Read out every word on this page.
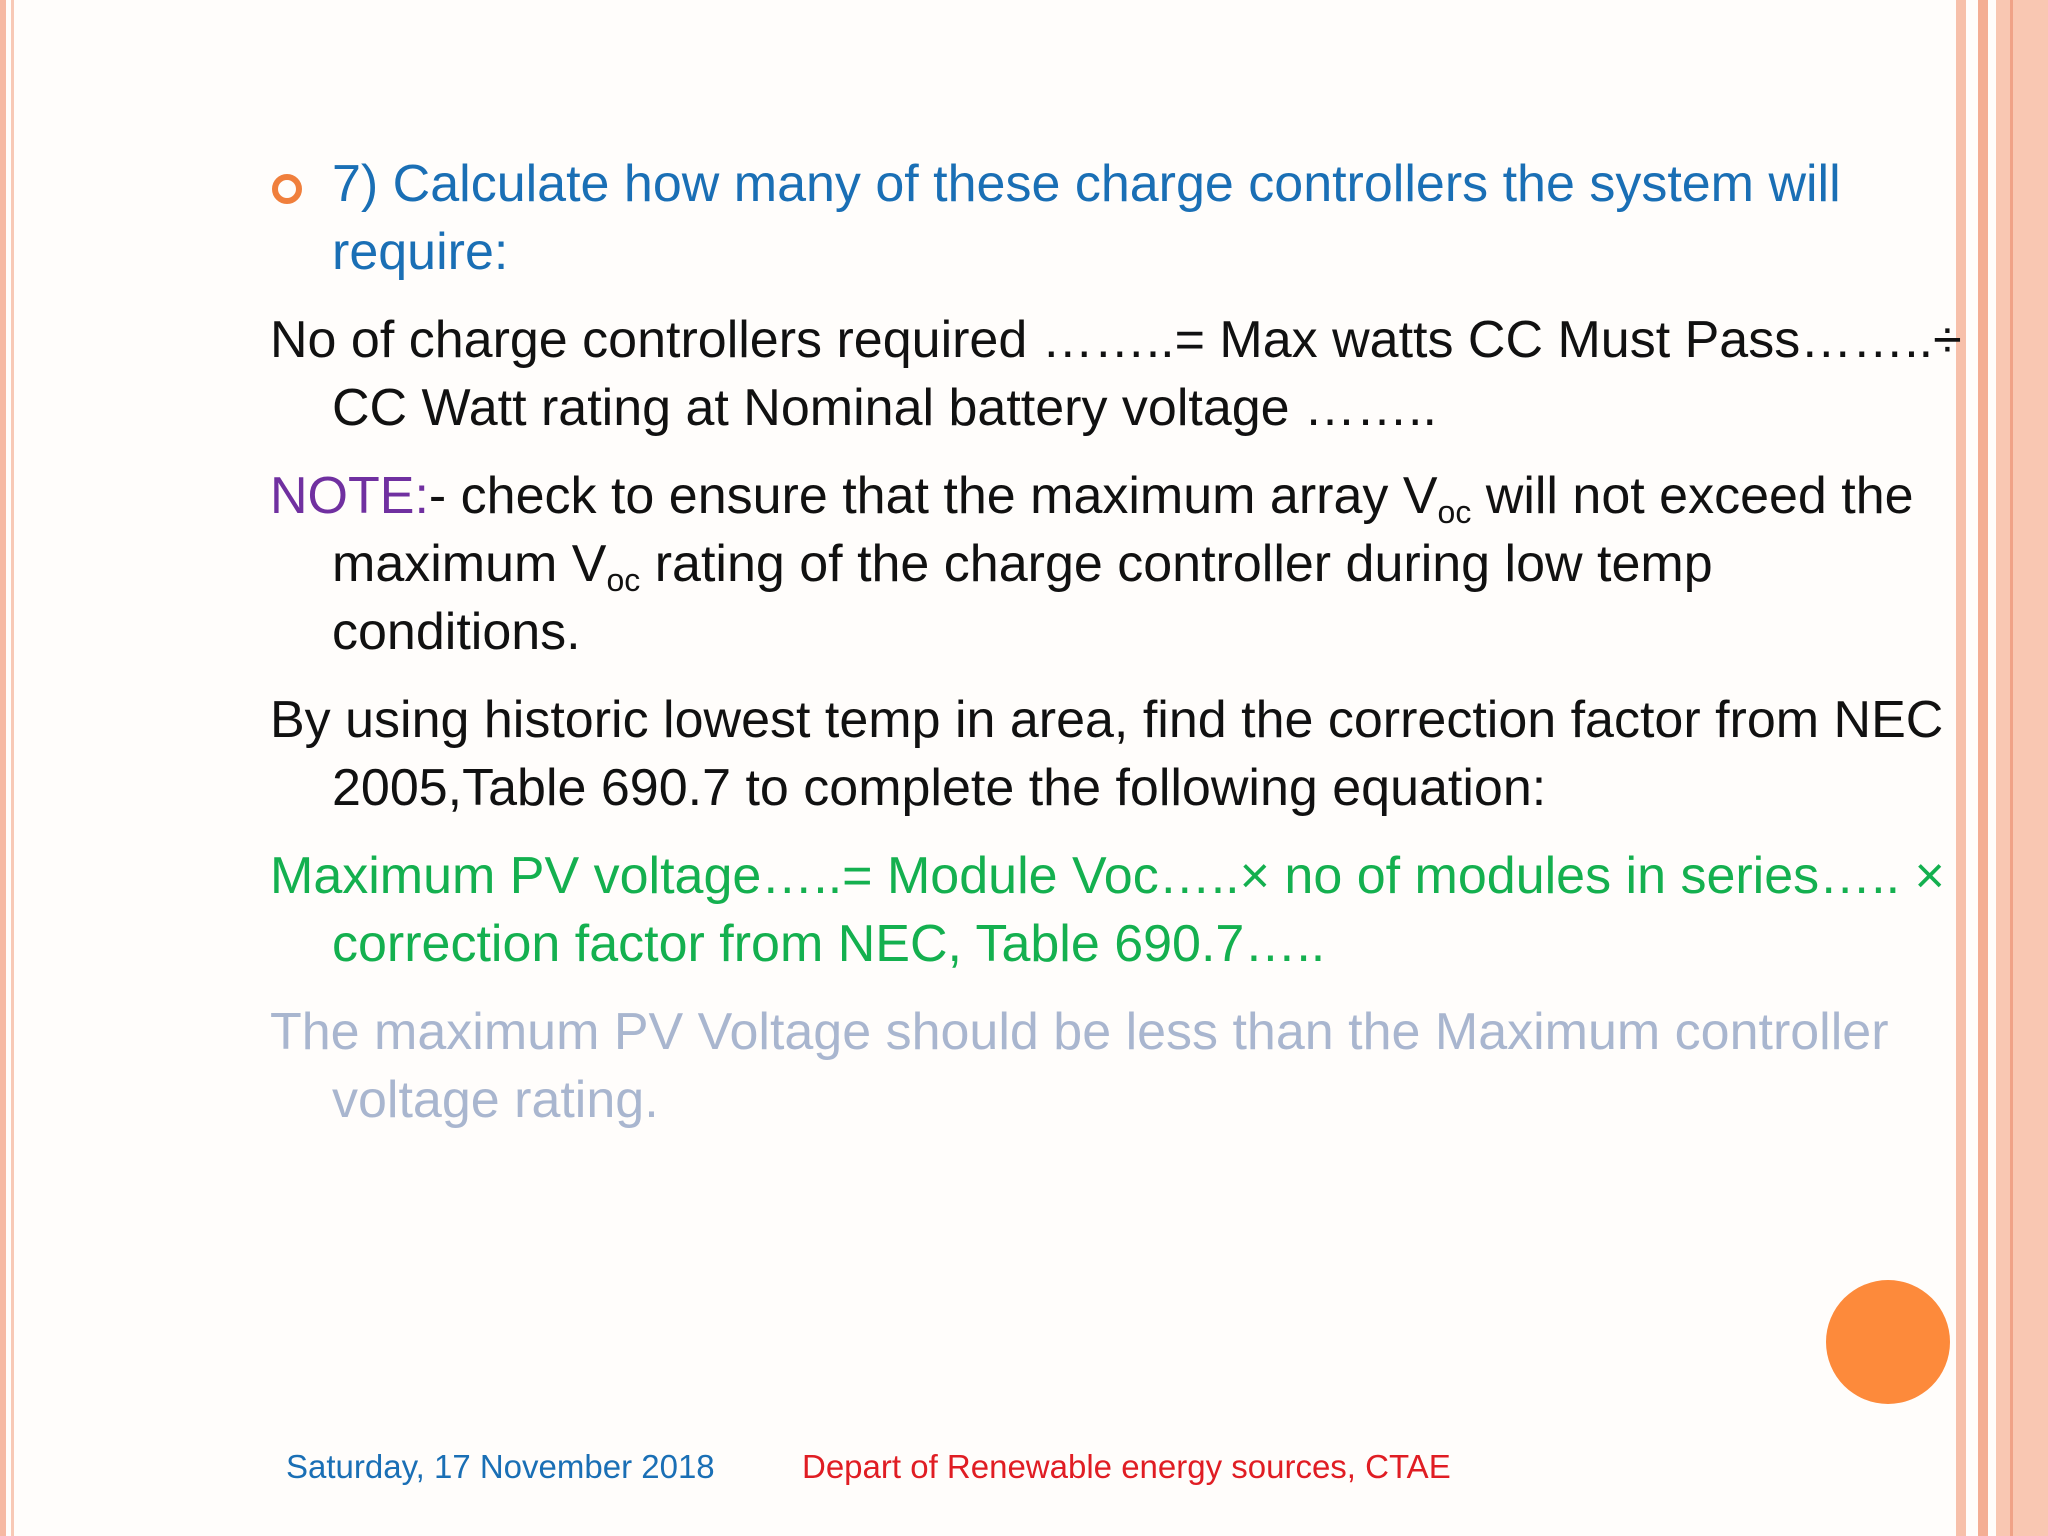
7) Calculate how many of these charge controllers the system will require:
No of charge controllers required ……..= Max watts CC Must Pass……..÷ CC Watt rating at Nominal battery voltage ……..
NOTE:- check to ensure that the maximum array $V_{oc}$ will not exceed the maximum $V_{oc}$ rating of the charge controller during low temp conditions.
By using historic lowest temp in area, find the correction factor from NEC 2005,Table 690.7 to complete the following equation:
Maximum PV voltage…..= Module Voc…..× no of modules in series….. × correction factor from NEC, Table 690.7…..
The maximum PV Voltage should be less than the Maximum controller voltage rating.
Saturday, 17 November 2018	Depart of Renewable energy sources, CTAE
